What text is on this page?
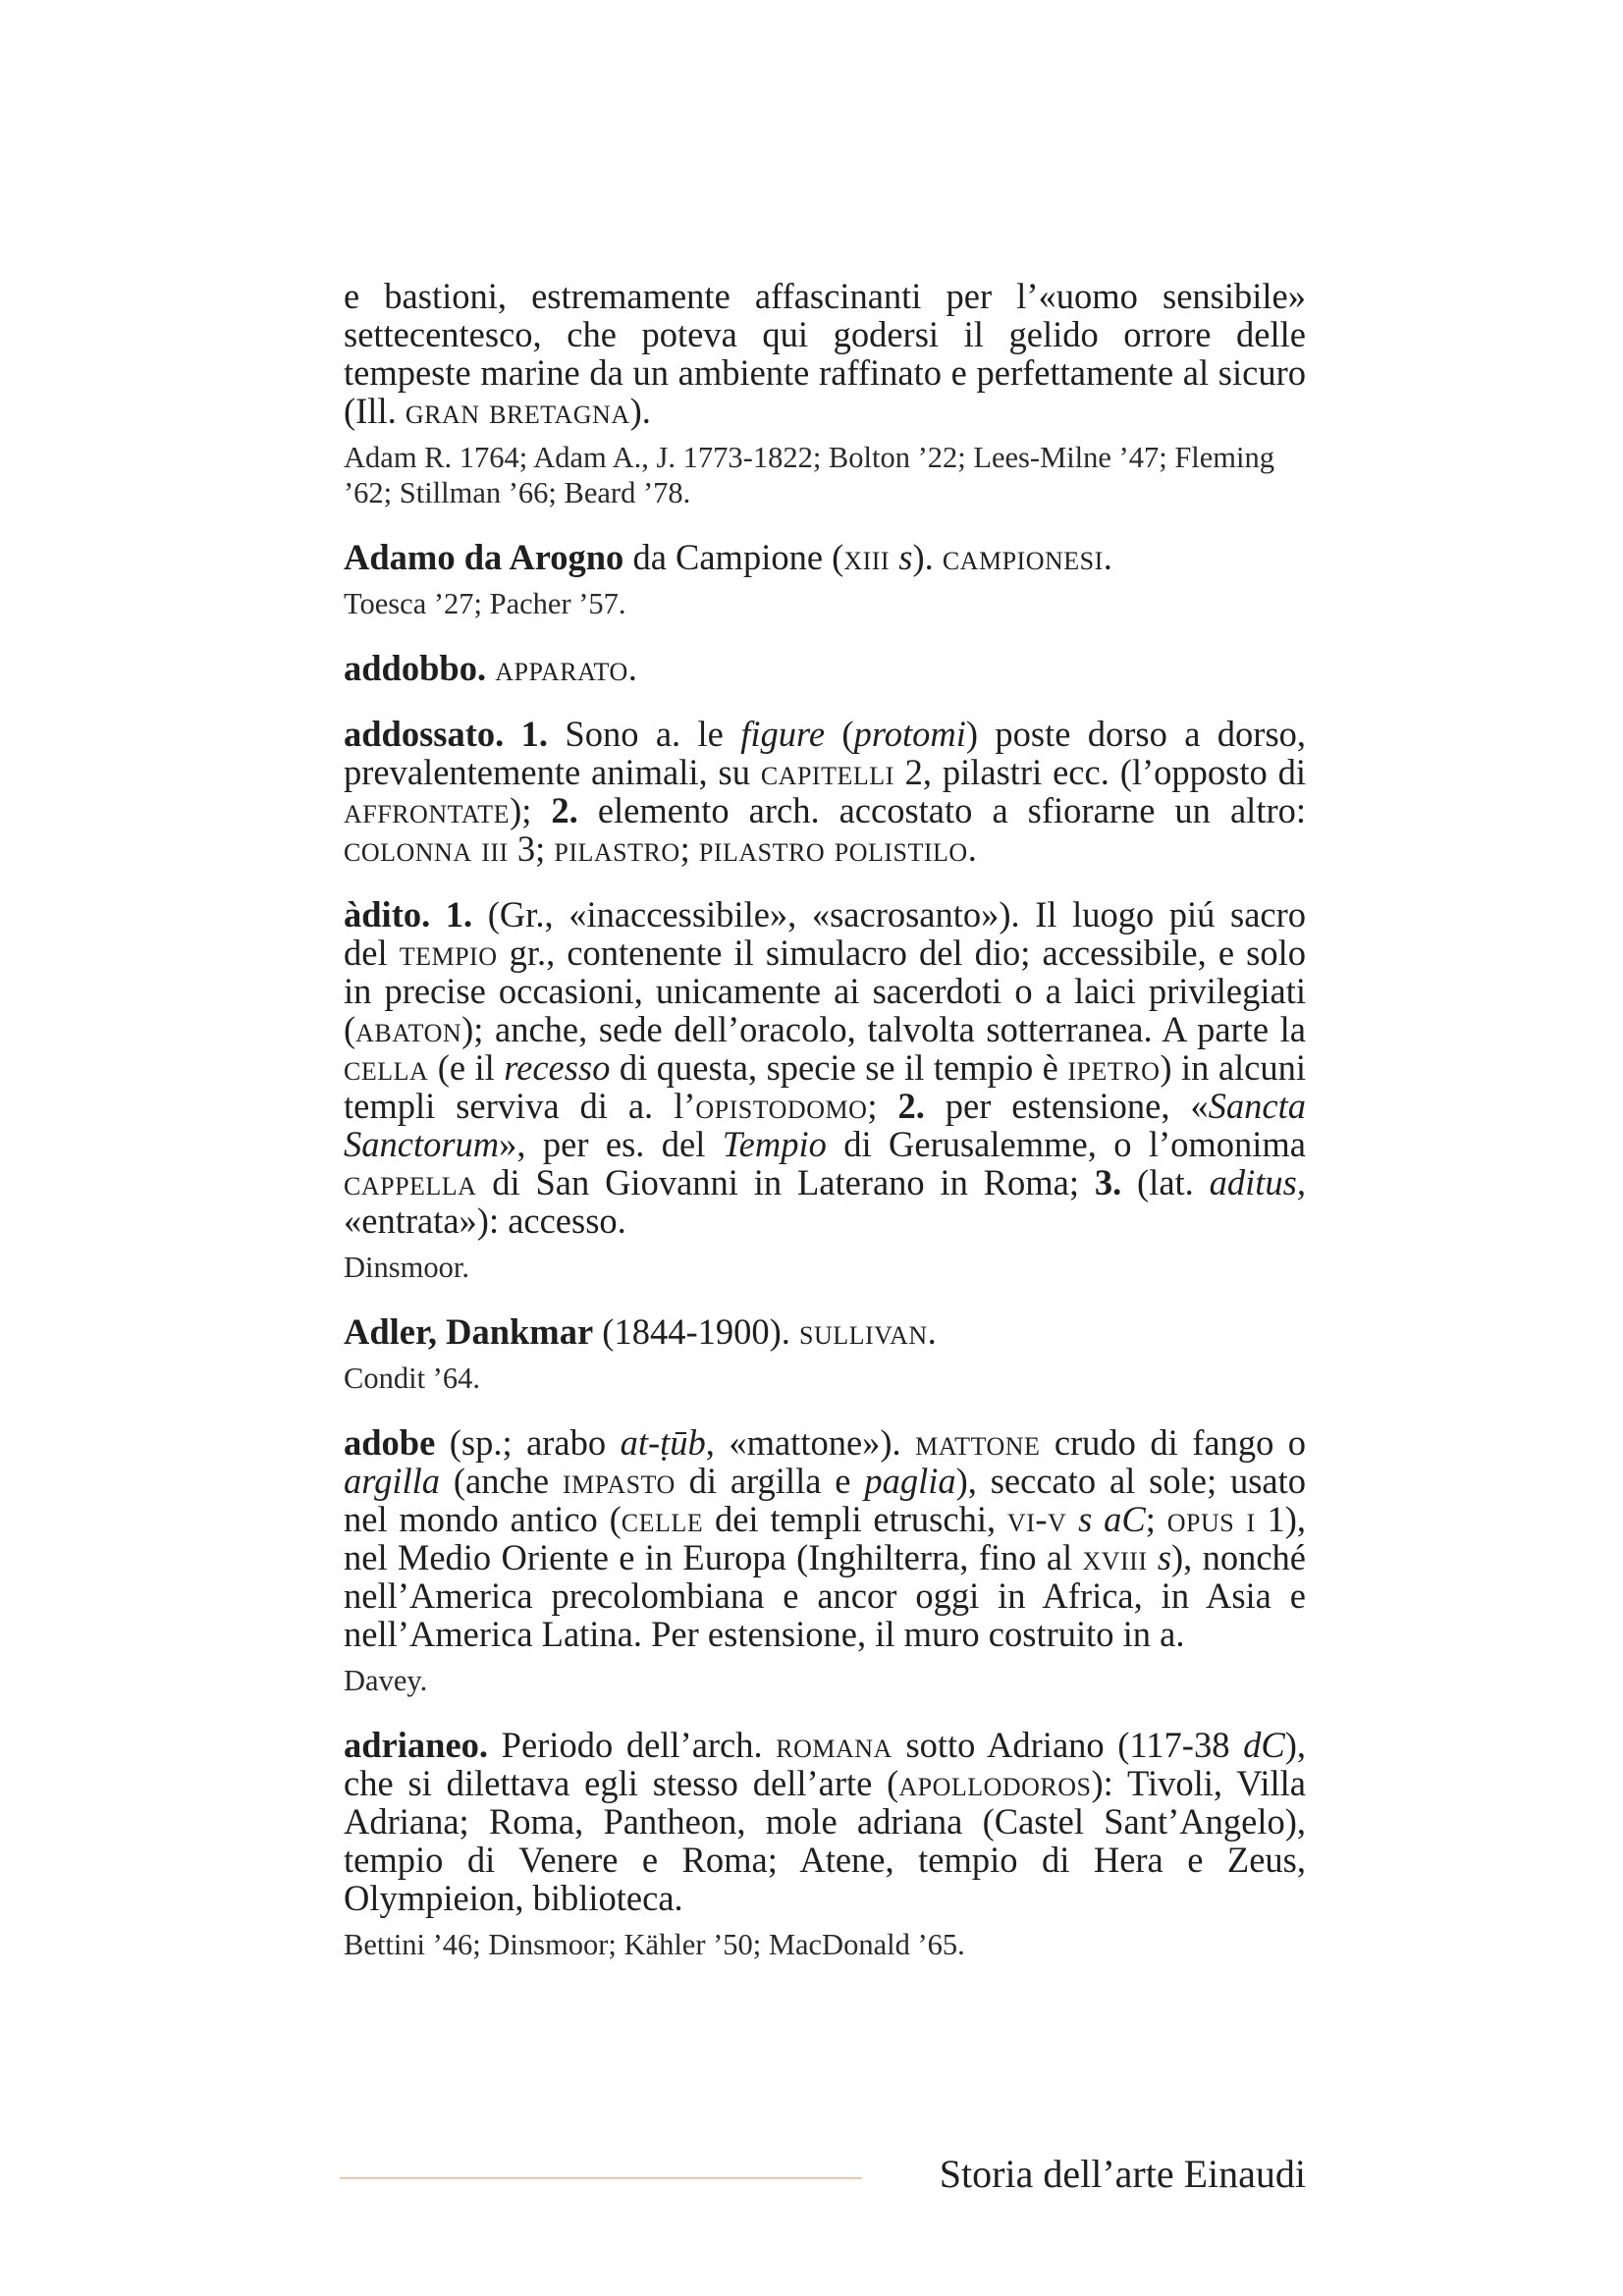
e bastioni, estremamente affascinanti per l’«uomo sensibile» settecentesco, che poteva qui godersi il gelido orrore delle tempeste marine da un ambiente raffinato e perfettamente al sicuro (Ill. gran bretagna).

Adam R. 1764; Adam A., J. 1773-1822; Bolton ’22; Lees-Milne ’47; Fleming ’62; Stillman ’66; Beard ’78.

Adamo da Arogno da Campione (xiii s). campionesi.

Toesca ’27; Pacher ’57.

addobbo. apparato.

addossato. 1. Sono a. le figure (protomi) poste dorso a dorso, prevalentemente animali, su capitelli 2, pilastri ecc. (l’opposto di affrontate); 2. elemento arch. accostato a sfiorarne un altro: colonna iii 3; pilastro; pilastro polistilo.

àdito. 1. (Gr., «inaccessibile», «sacrosanto»). Il luogo piú sacro del tempio gr., contenente il simulacro del dio; accessibile, e solo in precise occasioni, unicamente ai sacerdoti o a laici privilegiati (abaton); anche, sede dell’oracolo, talvolta sotterranea. A parte la cella (e il recesso di questa, specie se il tempio è ipetro) in alcuni templi serviva di a. l’opistodomo; 2. per estensione, «Sancta Sanctorum», per es. del Tempio di Gerusalemme, o l’omonima cappella di San Giovanni in Laterano in Roma; 3. (lat. aditus, «entrata»): accesso.

Dinsmoor.

Adler, Dankmar (1844-1900). sullivan.

Condit ’64.

adobe (sp.; arabo at-ṭūb, «mattone»). mattone crudo di fango o argilla (anche impasto di argilla e paglia), seccato al sole; usato nel mondo antico (celle dei templi etruschi, vi-v s aC; opus i 1), nel Medio Oriente e in Europa (Inghilterra, fino al xviii s), nonché nell’America precolombiana e ancor oggi in Africa, in Asia e nell’America Latina. Per estensione, il muro costruito in a.

Davey.

adrianeo. Periodo dell’arch. romana sotto Adriano (117-38 dC), che si dilettava egli stesso dell’arte (apollodoros): Tivoli, Villa Adriana; Roma, Pantheon, mole adriana (Castel Sant’Angelo), tempio di Venere e Roma; Atene, tempio di Hera e Zeus, Olympieion, biblioteca.

Bettini ’46; Dinsmoor; Kähler ’50; MacDonald ’65.

Storia dell’arte Einaudi
